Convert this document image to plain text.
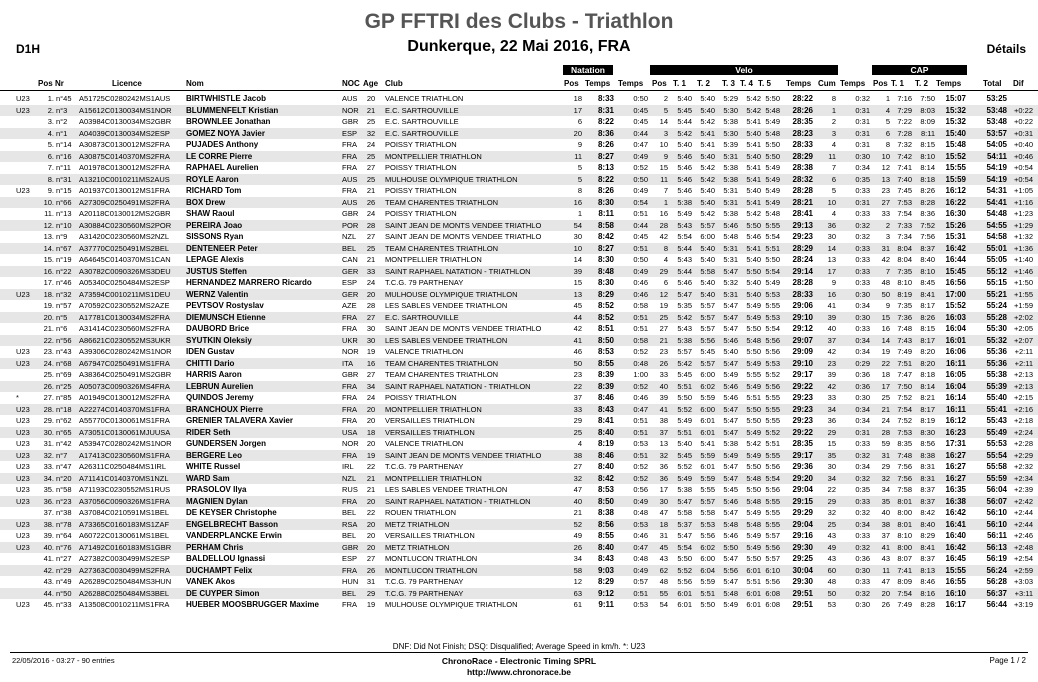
GP FFTRI des Clubs - Triathlon
Dunkerque, 22 Mai 2016, FRA
D1H	Détails
Natation	Velo	CAP
Pos Nr	Licence	Nom	NOC Age Club	Pos Temps Temps Pos T. 1 T. 2 T. 3 T. 4 T. 5 Temps Cum Temps Pos T. 1 T. 2 Temps	Total Dif
U23	1. n°45 A51725C0280242MS1AUS	BIRTWHISTLE Jacob	AUS	20	VALENCE TRIATHLON	18	8:33	0:50	2	5:40	5:40	5:29	5:42 5:50	28:22	8	0:32	1 7:16	7:50	15:07	53:25
U23	2. n°3	A15612C0130034MS1NOR	BLUMMENFELT Kristian	NOR	21	E.C. SARTROUVILLE	17	8:31	0:45	5	5:45	5:40	5:30	5:42 5:48	28:26	1	0:31	4 7:29	8:03	15:32	53:48 +0:22
3. n°2	A03984C0130034MS2GBR	BROWNLEE Jonathan	GBR	25	E.C. SARTROUVILLE	6	8:22	0:45	14	5:44	5:42	5:38	5:41 5:49	28:35	2	0:31	5 7:22	8:09	15:32	53:48 +0:22
4. n°1	A04039C0130034MS2ESP	GOMEZ NOYA Javier	ESP	32	E.C. SARTROUVILLE	20	8:36	0:44	3	5:42	5:41	5:30	5:40 5:48	28:23	3	0:31	6 7:28	8:11	15:40	53:57 +0:31
5. n°14 A30873C0130012MS2FRA	PUJADES Anthony	FRA	24	POISSY TRIATHLON	9	8:26	0:47	10	5:40	5:41	5:39	5:41 5:50	28:33	4	0:31	8 7:32	8:15	15:48	54:05 +0:40
6. n°16 A30875C0140370MS2FRA	LE CORRE Pierre	FRA	25	MONTPELLIER TRIATHLON	11	8:27	0:49	9	5:46	5:40	5:31	5:40 5:50	28:29	11	0:30	10 7:42	8:10	15:52	54:11 +0:46
7. n°11	A01978C0130012MS2FRA	RAPHAEL Aurelien	FRA	27	POISSY TRIATHLON	5	8:13	0:52	15	5:46	5:42	5:38	5:41 5:49	28:38	7	0:34	12 7:41	8:14	15:55	54:19 +0:54
8. n°31 A13210C0010211MS2AUS	ROYLE Aaron	AUS	25	MULHOUSE OLYMPIQUE TRIATHLON	5	8:22	0:50	11	5:46	5:42	5:38	5:41 5:49	28:32	6	0:35	13 7:40	8:18	15:59	54:19 +0:54
U23	9. n°15 A01937C0130012MS1FRA	RICHARD Tom	FRA	21	POISSY TRIATHLON	8	8:26	0:49	7	5:46	5:40	5:31	5:40 5:49	28:28	5	0:33	23 7:45	8:26	16:12	54:31 +1:05
10. n°66 A27309C0250491MS2FRA	BOX Drew	AUS	26	TEAM CHARENTES TRIATHLON	16	8:30	0:54	1	5:38	5:40	5:31	5:41 5:49	28:21	10	0:31	27 7:53	8:28	16:22	54:41 +1:16
11. n°13 A20118C0130012MS2GBR	SHAW Raoul	GBR	24	POISSY TRIATHLON	1	8:11	0:51	16	5:49	5:42	5:38	5:42 5:48	28:41	4	0:33	33 7:54	8:36	16:30	54:48 +1:23
12. n°10 A30884C0230560MS2POR	PEREIRA Joao	POR	28	SAINT JEAN DE MONTS VENDEE TRIATHLO	54	8:58	0:44	28	5:43	5:57	5:46	5:50 5:55	29:13	36	0:32	2 7:33	7:52	15:26	54:55 +1:29
13. n°9	A31420C0230560MS2NZL	SISSONS Ryan	NZL	27	SAINT JEAN DE MONTS VENDEE TRIATHLO	30	8:42	0:45	42	5:54	6:00	5:48	5:46 5:54	29:23	30	0:32	3 7:34	7:56	15:31	54:58 +1:32
14. n°67 A37770C0250491MS2BEL	DENTENEER Peter	BEL	25	TEAM CHARENTES TRIATHLON	10	8:27	0:51	8	5:44	5:40	5:31	5:41 5:51	28:29	14	0:33	31 8:04	8:37	16:42	55:01 +1:36
15. n°19 A64645C0140370MS1CAN	LEPAGE Alexis	CAN	21	MONTPELLIER TRIATHLON	14	8:30	0:50	4	5:43	5:40	5:31	5:40 5:50	28:24	13	0:33	42 8:04	8:40	16:44	55:05 +1:40
16. n°22 A30782C0090326MS3DEU	JUSTUS Steffen	GER	33	SAINT RAPHAEL NATATION - TRIATHLON	39	8:48	0:49	29	5:44	5:58	5:47	5:50 5:54	29:14	17	0:33	7 7:35	8:10	15:45	55:12 +1:46
17. n°46 A05340C0250484MS2ESP	HERNANDEZ MARRERO Ricardo	ESP	24	T.C.G. 79 PARTHENAY	15	8:30	0:46	6	5:46	5:40	5:32	5:40 5:49	28:28	9	0:33	48 8:10	8:45	16:56	55:15 +1:50
U23	18. n°32 A73594C0010211MS1DEU	WERNZ Valentin	GER	20	MULHOUSE OLYMPIQUE TRIATHLON	13	8:29	0:46	12	5:47	5:40	5:31	5:40 5:53	28:33	16	0:30	50 8:19	8:41	17:00	55:21 +1:55
19. n°57 A70592C0230552MS2AZE	PEVTSOV Rostyslav	AZE	28	LES SABLES VENDEE TRIATHLON	45	8:52	0:58	19	5:35	5:57	5:47	5:49 5:55	29:06	41	0:34	9 7:35	8:17	15:52	55:24 +1:59
20. n°5	A17781C0130034MS2FRA	DIEMUNSCH Etienne	FRA	27	E.C. SARTROUVILLE	44	8:52	0:51	25	5:42	5:57	5:47	5:49 5:53	29:10	39	0:30	15 7:36	8:26	16:03	55:28 +2:02
21. n°6	A31414C0230560MS2FRA	DAUBORD Brice	FRA	30	SAINT JEAN DE MONTS VENDEE TRIATHLO	42	8:51	0:51	27	5:43	5:57	5:47	5:50 5:54	29:12	40	0:33	16 7:48	8:15	16:04	55:30 +2:05
22. n°56 A86621C0230552MS3UKR	SYUTKIN Oleksiy	UKR	30	LES SABLES VENDEE TRIATHLON	41	8:50	0:58	21	5:38	5:56	5:46	5:48 5:56	29:07	37	0:34	14 7:43	8:17	16:01	55:32 +2:07
U23	23. n°43 A39306C0280242MS1NOR	IDEN Gustav	NOR	19	VALENCE TRIATHLON	46	8:53	0:52	23	5:57	5:45	5:40	5:50 5:56	29:09	42	0:34	19 7:49	8:20	16:06	55:36	+2:11
U23	24. n°68 A67947C0250491MS1FRA	CHITTI Dario	ITA	16	TEAM CHARENTES TRIATHLON	50	8:55	0:48	26	5:42	5:57	5:47	5:49 5:53	29:10	23	0:29	22 7:51	8:20	16:11	55:36	+2:11
25. n°69 A38364C0250491MS2GBR	HARRIS Aaron	GBR	27	TEAM CHARENTES TRIATHLON	23	8:39	1:00	33	5:45	6:00	5:49	5:55 5:52	29:17	39	0:36	18 7:47	8:18	16:05	55:38 +2:13
26. n°25 A05073C0090326MS4FRA	LEBRUN Aurelien	FRA	34	SAINT RAPHAEL NATATION - TRIATHLON	22	8:39	0:52	40	5:51	6:02	5:46	5:49 5:56	29:22	42	0:36	17 7:50	8:14	16:04	55:39 +2:13
*	27. n°85 A01949C0130012MS2FRA	QUINDOS Jeremy	FRA	24	POISSY TRIATHLON	37	8:46	0:46	39	5:50	5:59	5:46	5:51 5:55	29:23	33	0:30	25 7:52	8:21	16:14	55:40 +2:15
U23	28. n°18 A22274C0140370MS1FRA	BRANCHOUX Pierre	FRA	20	MONTPELLIER TRIATHLON	33	8:43	0:47	41	5:52	6:00	5:47	5:50 5:55	29:23	34	0:34	21 7:54	8:17	16:11	55:41 +2:16
U23	29. n°62 A55770C0130061MS1FRA	GRENIER TALAVERA Xavier	FRA	20	VERSAILLES TRIATHLON	29	8:41	0:51	38	5:49	6:01	5:47	5:50 5:55	29:23	36	0:34	24 7:52	8:19	16:12	55:43 +2:18
U23	30. n°65 A73051C0130061MJUUSA	RIDER Seth	USA	18	VERSAILLES TRIATHLON	25	8:40	0:51	37	5:51	6:01	5:47	5:49 5:52	29:22	29	0:31	28 7:53	8:30	16:23	55:49 +2:24
U23	31. n°42 A53947C0280242MS1NOR	GUNDERSEN Jorgen	NOR	20	VALENCE TRIATHLON	4	8:19	0:53	13	5:40	5:41	5:38	5:42 5:51	28:35	15	0:33	59 8:35	8:56	17:31	55:53 +2:28
U23	32. n°7	A17413C0230560MS1FRA	BERGERE Leo	FRA	19	SAINT JEAN DE MONTS VENDEE TRIATHLO	38	8:46	0:51	32	5:45	5:59	5:49	5:49 5:55	29:17	35	0:32	31 7:48	8:38	16:27	55:54 +2:29
U23	33. n°47 A26311C0250484MS1IRL	WHITE Russel	IRL	22	T.C.G. 79 PARTHENAY	27	8:40	0:52	36	5:52	6:01	5:47	5:50 5:56	29:36	30	0:34	29 7:56	8:31	16:27	55:58 +2:32
U23	34. n°20 A71141C0140370MS1NZL	WARD Sam	NZL	21	MONTPELLIER TRIATHLON	32	8:42	0:52	36	5:49	5:59	5:47	5:48 5:54	29:20	34	0:32	32 7:56	8:31	16:27	55:59 +2:34
U23	35. n°58 A71193C0230552MS1RUS	PRASOLOV Ilya	RUS	21	LES SABLES VENDEE TRIATHLON	47	8:53	0:56	17	5:38	5:55	5:45	5:50 5:56	29:04	22	0:35	34 7:58	8:37	16:35	56:04 +2:39
U23	36. n°23 A37056C0090326MS1FRA	MAGNIEN Dylan	FRA	20	SAINT RAPHAEL NATATION - TRIATHLON	40	8:50	0:49	30	5:47	5:57	5:46	5:48 5:55	29:15	29	0:33	35 8:01	8:37	16:38	56:07 +2:42
37. n°38 A37084C0210591MS1BEL	DE KEYSER Christophe	BEL	22	ROUEN TRIATHLON	21	8:38	0:48	47	5:58	5:58	5:47	5:49 5:55	29:29	32	0:32	40 8:00	8:42	16:42	56:10 +2:44
U23	38. n°78 A73365C0160183MS1ZAF	ENGELBRECHT Basson	RSA	20	METZ TRIATHLON	52	8:56	0:53	18	5:37	5:53	5:48	5:48 5:55	29:04	25	0:34	38 8:01	8:40	16:41	56:10 +2:44
U23	39. n°64 A60722C0130061MS1BEL	VANDERPLANCKE Erwin	BEL	20	VERSAILLES TRIATHLON	49	8:55	0:46	31	5:47	5:56	5:46	5:49 5:57	29:16	43	0:33	37 8:10	8:29	16:40	56:11 +2:46
U23	40. n°76 A71492C0160183MS1GBR	PERHAM Chris	GBR	20	METZ TRIATHLON	26	8:40	0:47	45	5:54	6:02	5:50	5:49 5:56	29:30	49	0:32	41 8:00	8:41	16:42	56:13 +2:48
41. n°27 A27382C0030499MS2ESP	BALDELLOU Ignassi	ESP	27	MONTLUCON TRIATHLON	34	8:43	0:48	43	5:50	6:00	5:47	5:50 5:57	29:25	43	0:36	43 8:07	8:37	16:45	56:19 +2:54
42. n°29 A27363C0030499MS2FRA	DUCHAMPT Felix	FRA	26	MONTLUCON TRIATHLON	58	9:03	0:49	62	5:52	6:04	5:56	6:01 6:10	30:04	60	0:30	11 7:41	8:13	15:55	56:24 +2:59
43. n°49 A26289C0250484MS3HUN	VANEK Akos	HUN	31	T.C.G. 79 PARTHENAY	12	8:29	0:57	48	5:56	5:59	5:47	5:51 5:56	29:30	48	0:33	47 8:09	8:46	16:55	56:28 +3:03
44. n°50 A26288C0250484MS3BEL	DE CUYPER Simon	BEL	29	T.C.G. 79 PARTHENAY	63	9:12	0:51	55	6:01	5:51	5:48	6:01 6:08	29:51	50	0:32	20 7:54	8:16	16:10	56:37	+3:11
U23	45. n°33 A13508C0010211MS1FRA	HUEBER MOOSBRUGGER Maxime	FRA	19	MULHOUSE OLYMPIQUE TRIATHLON	61	9:11	0:53	54	6:01	5:50	5:49	6:01 6:08	29:51	53	0:30	26 7:49	8:28	16:17	56:44 +3:19
DNF: Did Not Finish; DSQ: Disqualified; Average Speed in km/h. *: U23
22/05/2016 - 03:27 - 90 entries	ChronoRace - Electronic Timing SPRL
http://www.chronorace.be
Page 1 / 2
